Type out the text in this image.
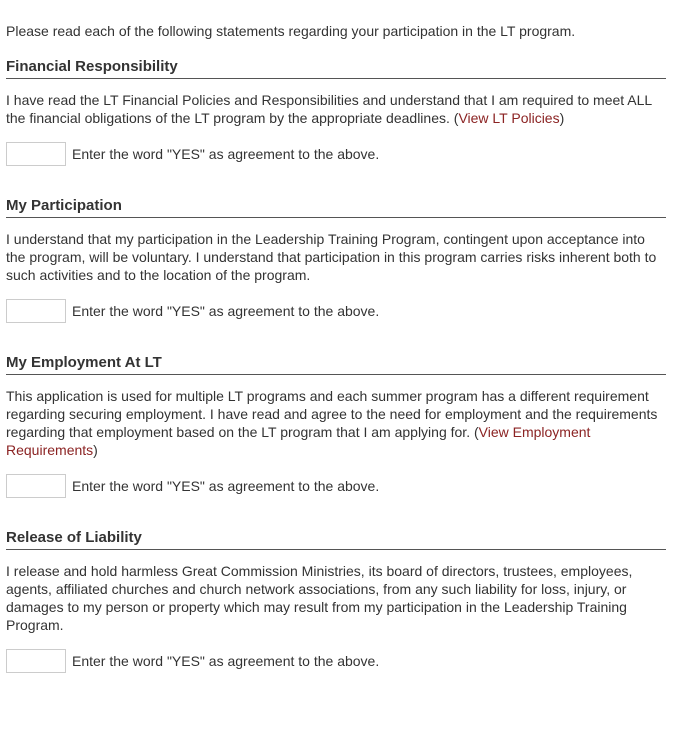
Please read each of the following statements regarding your participation in the LT program.

Financial Responsibility

I have read the LT Financial Policies and Responsibilities and understand that I am required to meet ALL the financial obligations of the LT program by the appropriate deadlines. (View LT Policies)

Enter the word "YES" as agreement to the above.
My Participation

I understand that my participation in the Leadership Training Program, contingent upon acceptance into the program, will be voluntary. I understand that participation in this program carries risks inherent both to such activities and to the location of the program.

Enter the word "YES" as agreement to the above.
My Employment At LT

This application is used for multiple LT programs and each summer program has a different requirement regarding securing employment. I have read and agree to the need for employment and the requirements regarding that employment based on the LT program that I am applying for. (View Employment Requirements)

Enter the word "YES" as agreement to the above.
Release of Liability

I release and hold harmless Great Commission Ministries, its board of directors, trustees, employees, agents, affiliated churches and church network associations, from any such liability for loss, injury, or damages to my person or property which may result from my participation in the Leadership Training Program.

Enter the word "YES" as agreement to the above.
